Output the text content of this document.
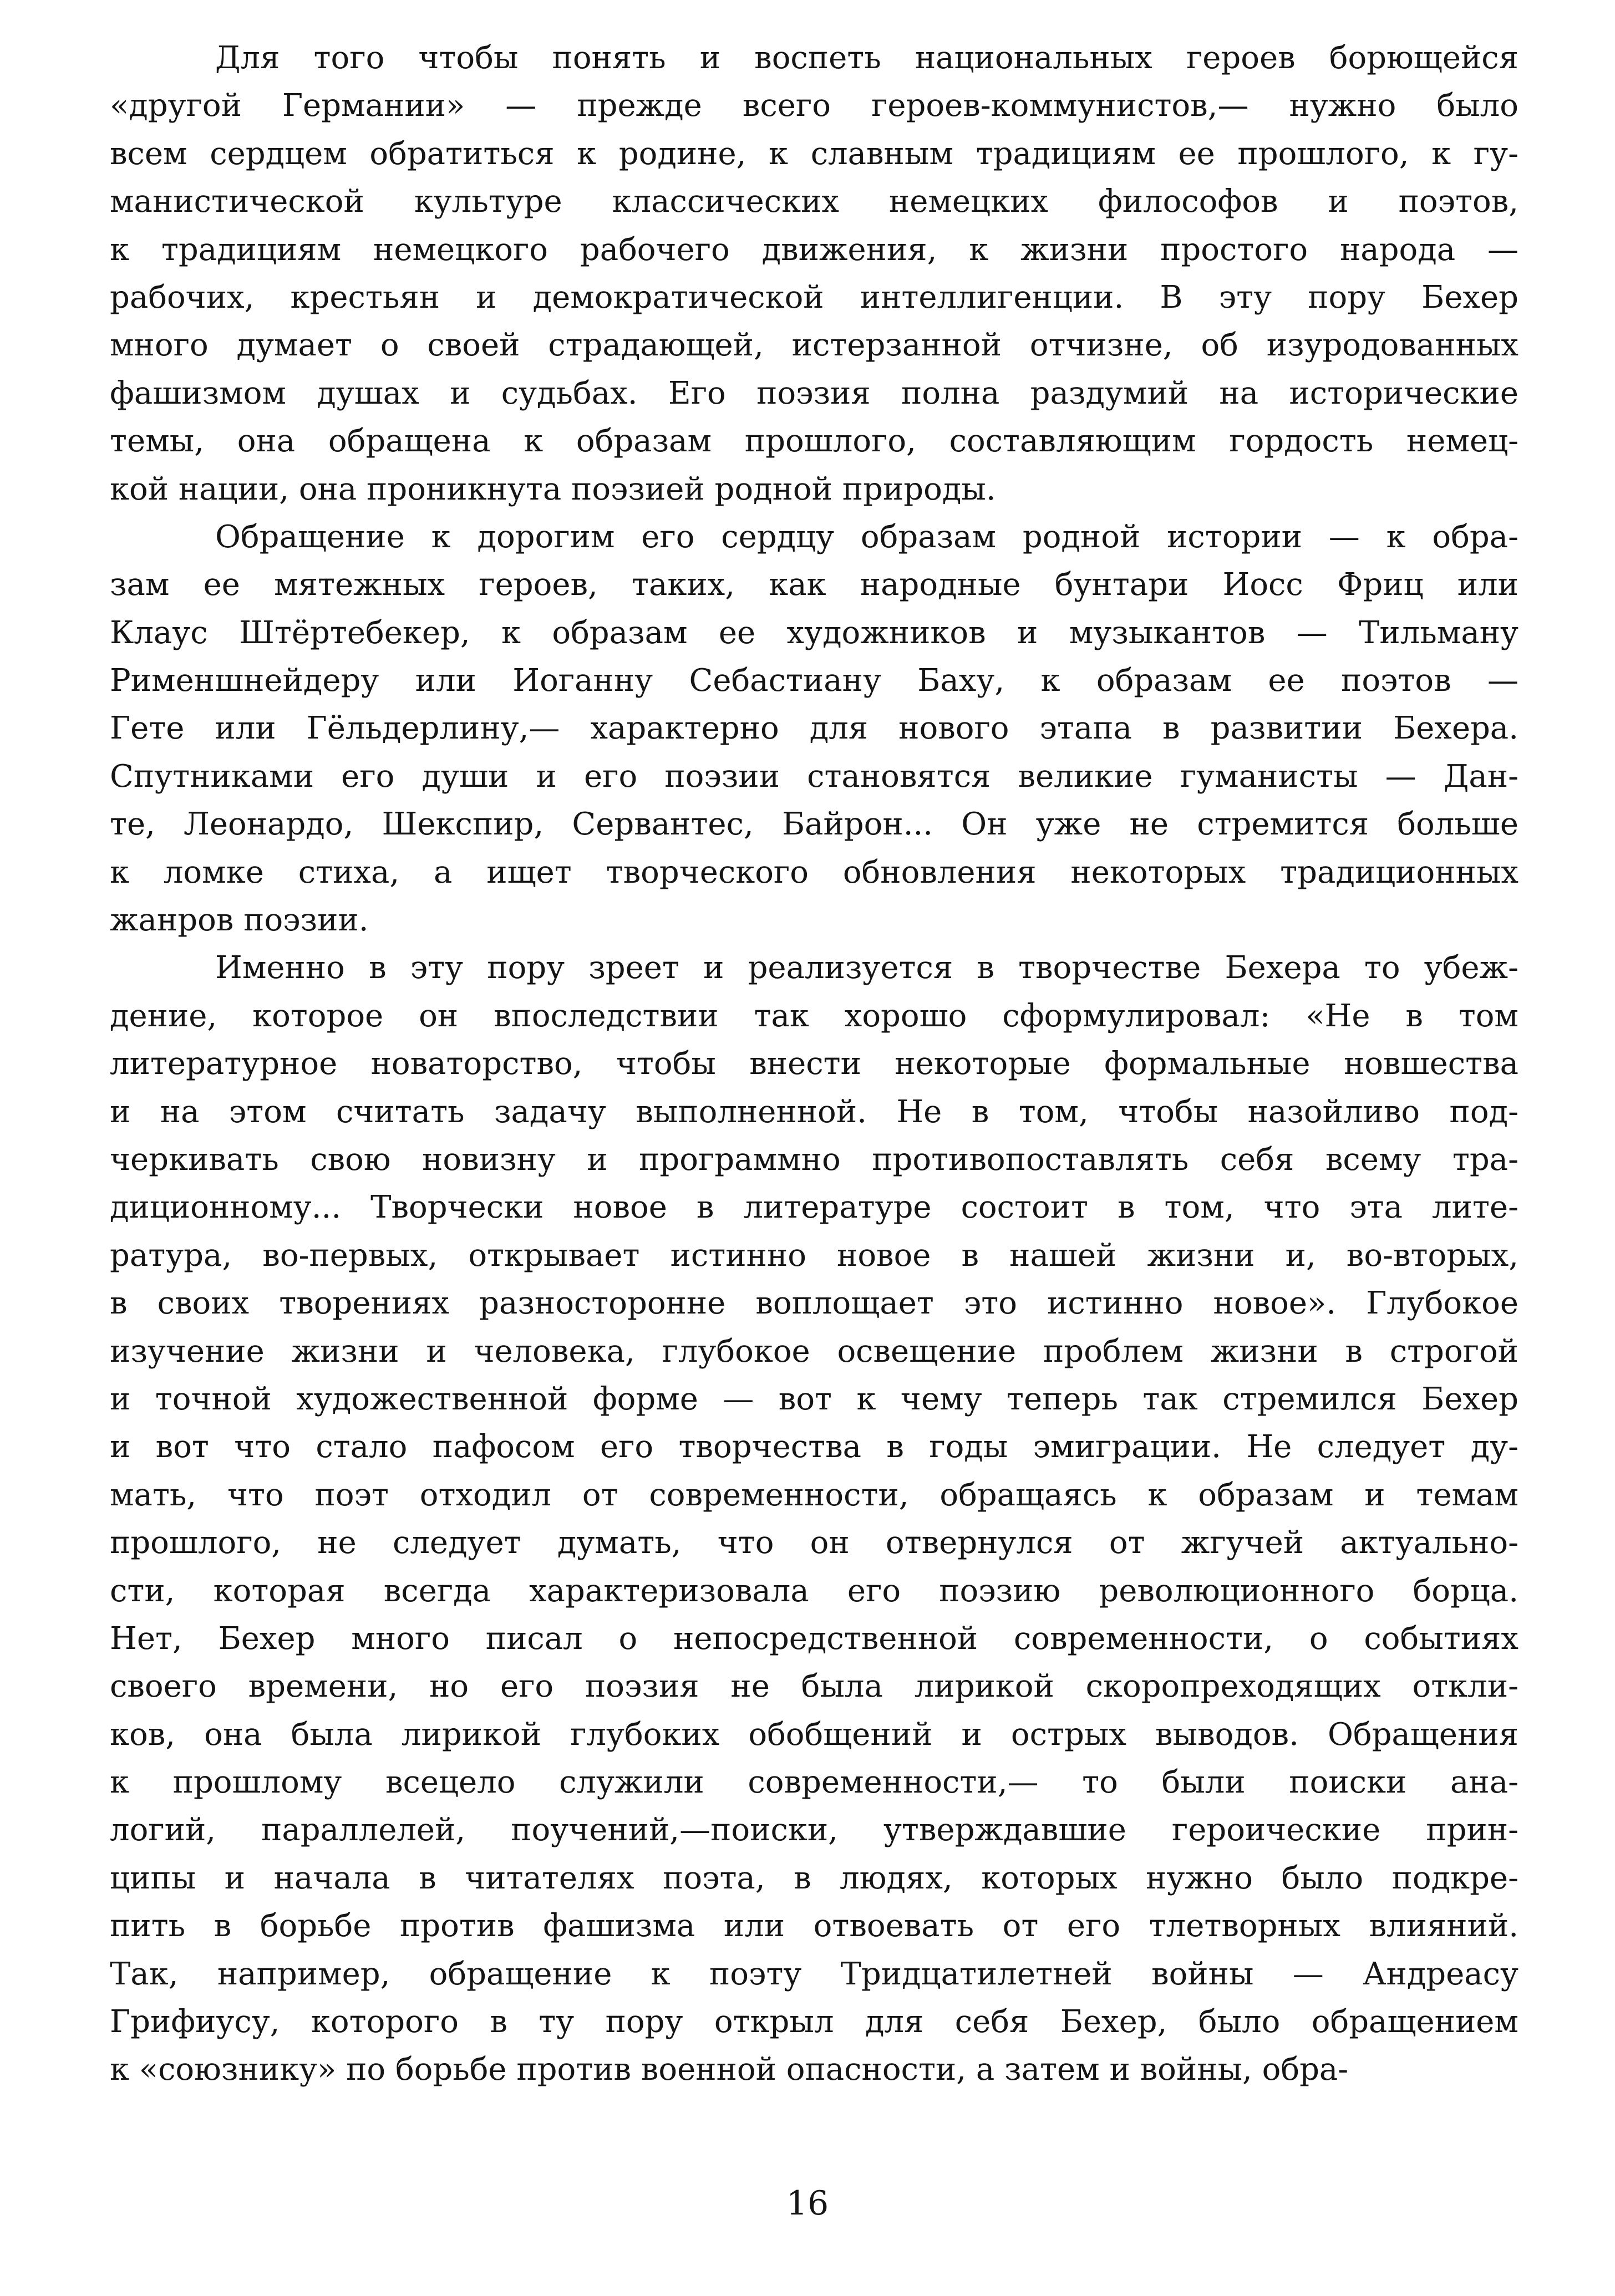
Для того чтобы понять и воспеть национальных героев борющейся
«другой Германии» — прежде всего героев-коммунистов,— нужно было
всем сердцем обратиться к родине, к славным традициям ее прошлого, к гу-
манистической культуре классических немецких философов и поэтов,
к традициям немецкого рабочего движения, к жизни простого народа —
рабочих, крестьян и демократической интеллигенции. В эту пору Бехер
много думает о своей страдающей, истерзанной отчизне, об изуродованных
фашизмом душах и судьбах. Его поэзия полна раздумий на исторические
темы, она обращена к образам прошлого, составляющим гордость немец-
кой нации, она проникнута поэзией родной природы.
Обращение к дорогим его сердцу образам родной истории — к обра-
зам ее мятежных героев, таких, как народные бунтари Иосс Фриц или
Клаус Штёртебекер, к образам ее художников и музыкантов — Тильману
Рименшнейдеру или Иоганну Себастиану Баху, к образам ее поэтов —
Гете или Гёльдерлину,— характерно для нового этапа в развитии Бехера.
Спутниками его души и его поэзии становятся великие гуманисты — Дан-
те, Леонардо, Шекспир, Сервантес, Байрон... Он уже не стремится больше
к ломке стиха, а ищет творческого обновления некоторых традиционных
жанров поэзии.
Именно в эту пору зреет и реализуется в творчестве Бехера то убеж-
дение, которое он впоследствии так хорошо сформулировал: «Не в том
литературное новаторство, чтобы внести некоторые формальные новшества
и на этом считать задачу выполненной. Не в том, чтобы назойливо под-
черкивать свою новизну и программно противопоставлять себя всему тра-
диционному... Творчески новое в литературе состоит в том, что эта лите-
ратура, во-первых, открывает истинно новое в нашей жизни и, во-вторых,
в своих творениях разносторонне воплощает это истинно новое». Глубокое
изучение жизни и человека, глубокое освещение проблем жизни в строгой
и точной художественной форме — вот к чему теперь так стремился Бехер
и вот что стало пафосом его творчества в годы эмиграции. Не следует ду-
мать, что поэт отходил от современности, обращаясь к образам и темам
прошлого, не следует думать, что он отвернулся от жгучей актуально-
сти, которая всегда характеризовала его поэзию революционного борца.
Нет, Бехер много писал о непосредственной современности, о событиях
своего времени, но его поэзия не была лирикой скоропреходящих откли-
ков, она была лирикой глубоких обобщений и острых выводов. Обращения
к прошлому всецело служили современности,— то были поиски ана-
логий, параллелей, поучений,—поиски, утверждавшие героические прин-
ципы и начала в читателях поэта, в людях, которых нужно было подкре-
пить в борьбе против фашизма или отвоевать от его тлетворных влияний.
Так, например, обращение к поэту Тридцатилетней войны — Андреасу
Грифиусу, которого в ту пору открыл для себя Бехер, было обращением
к «союзнику» по борьбе против военной опасности, а затем и войны, обра-
16
